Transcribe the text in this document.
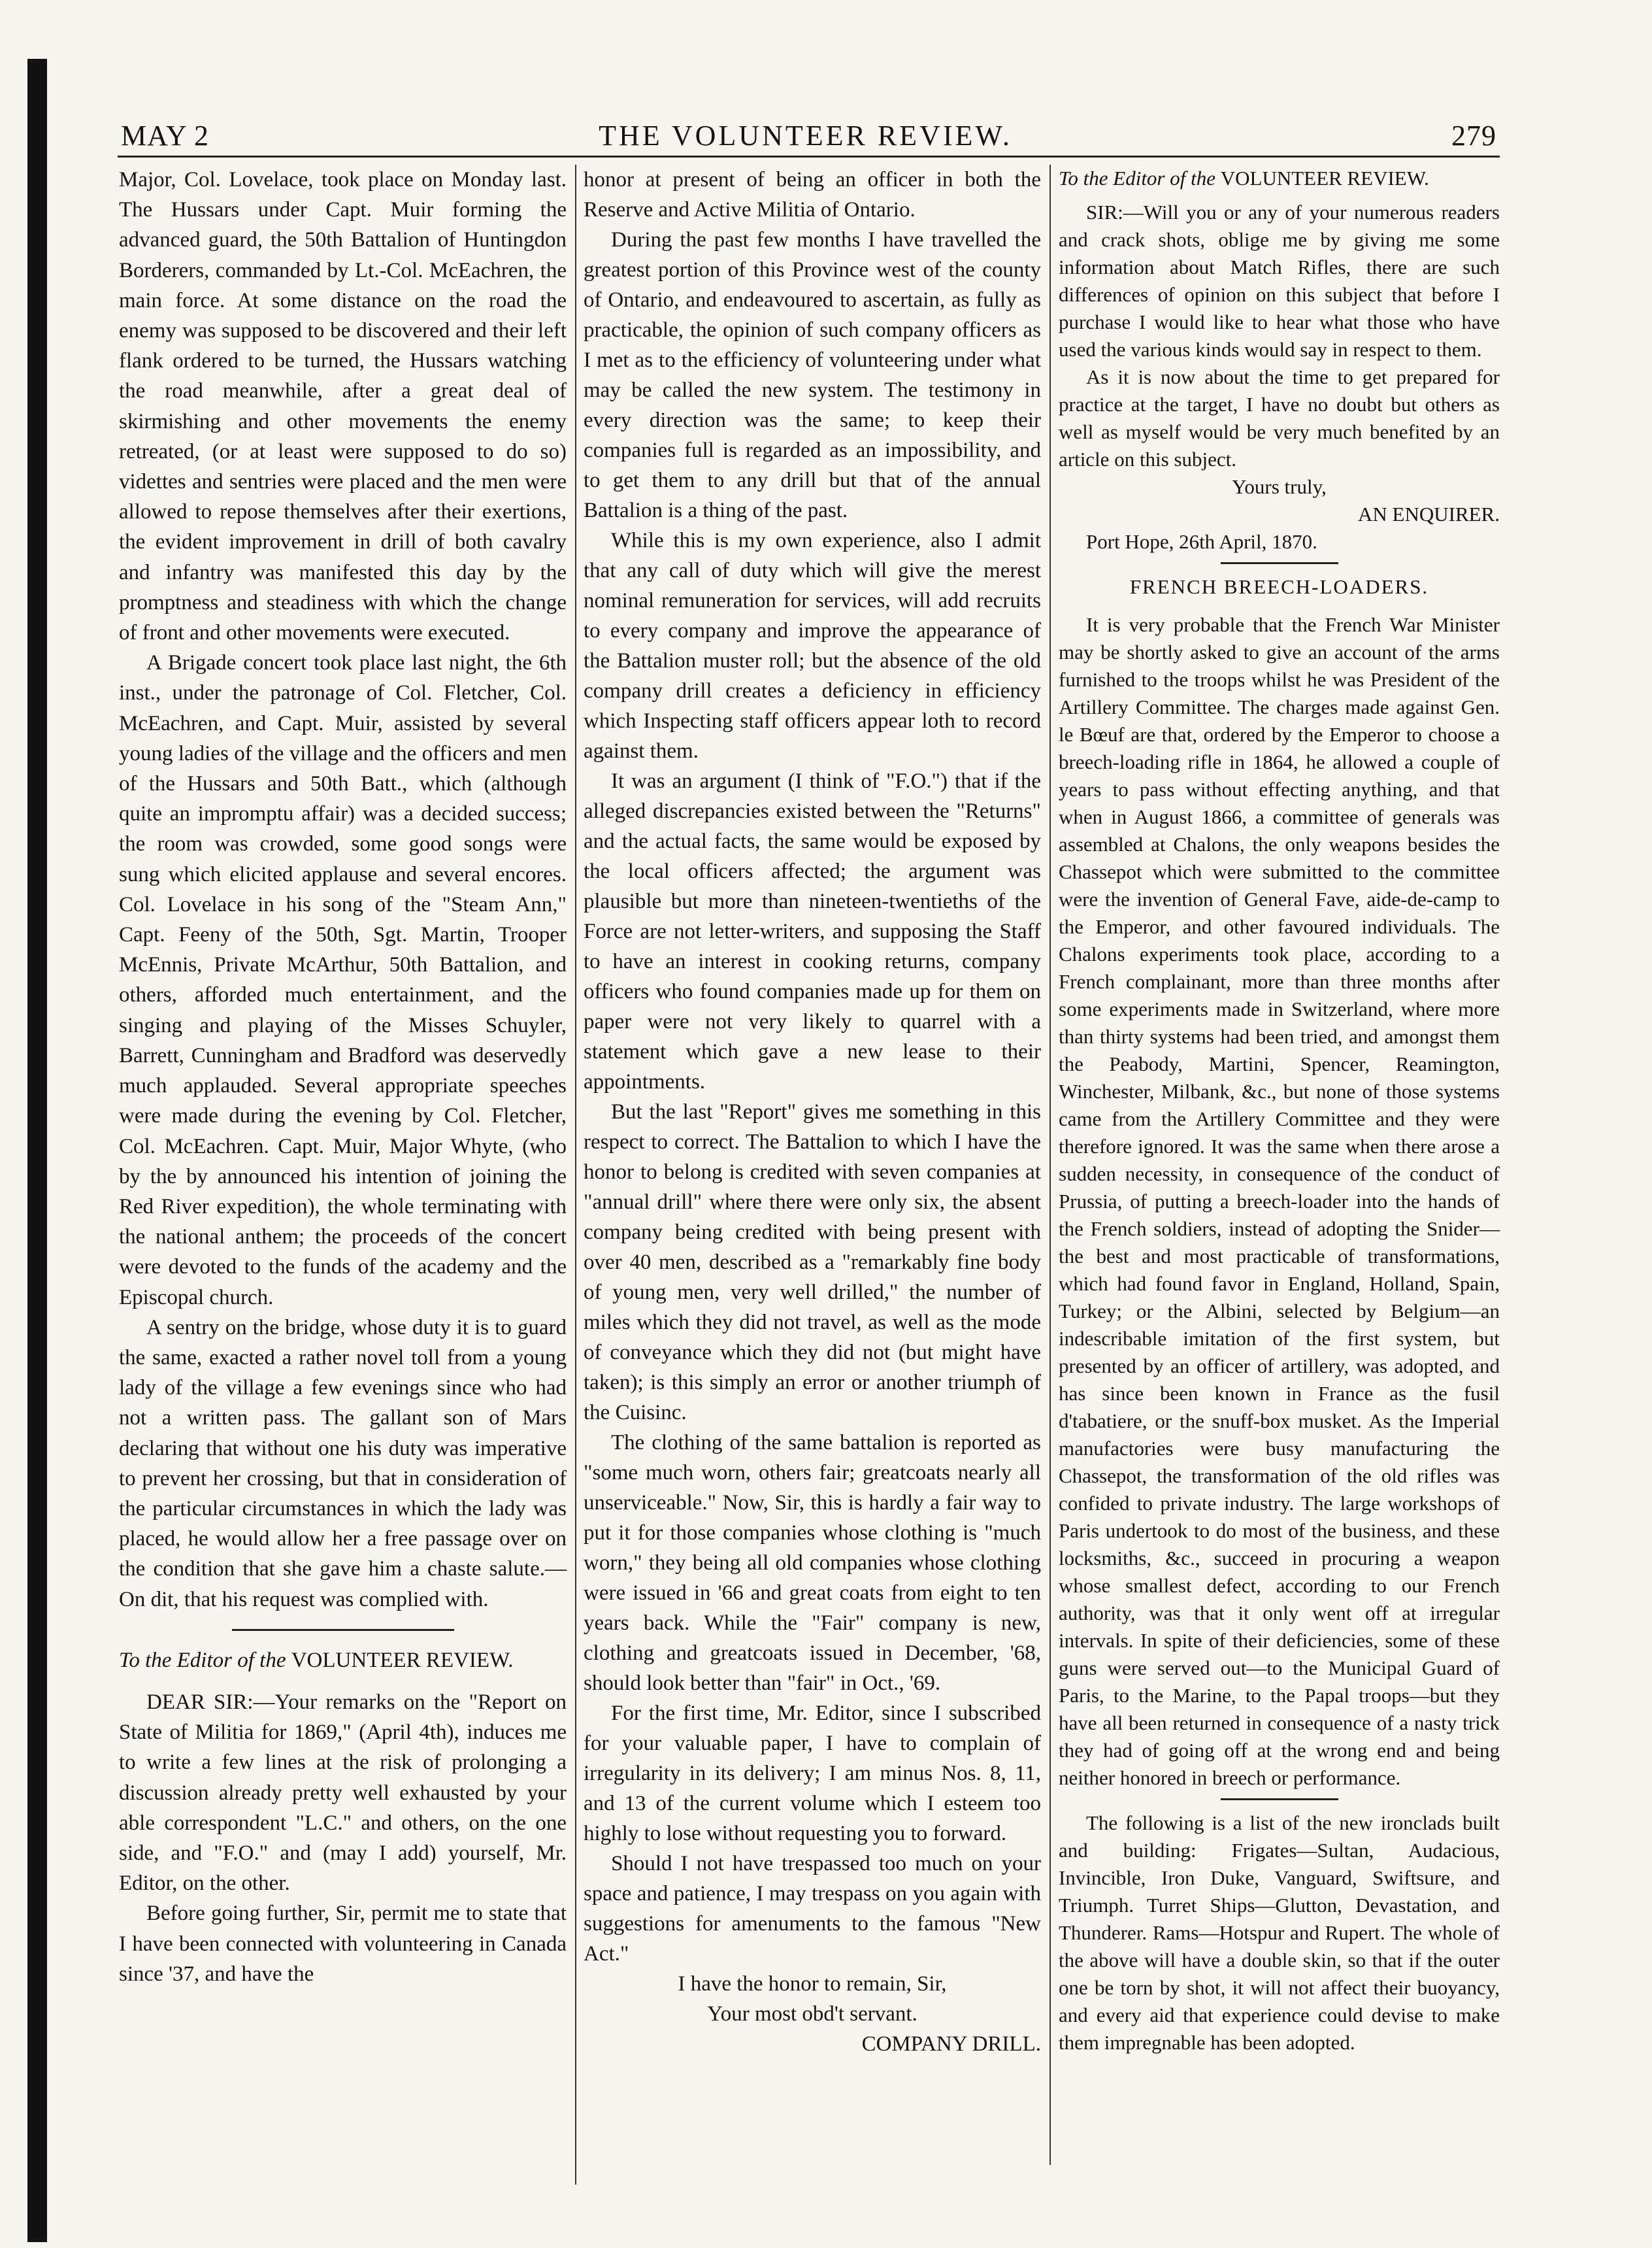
MAY 2	THE VOLUNTEER REVIEW.	279

Major, Col. Lovelace, took place on Monday last. The Hussars under Capt. Muir forming the advanced guard, the 50th Battalion of Huntingdon Borderers, commanded by Lt.-Col. McEachren, the main force. At some distance on the road the enemy was supposed to be discovered and their left flank ordered to be turned, the Hussars watching the road meanwhile, after a great deal of skirmishing and other movements the enemy retreated, (or at least were supposed to do so) videttes and sentries were placed and the men were allowed to repose themselves after their exertions, the evident improvement in drill of both cavalry and infantry was manifested this day by the promptness and steadiness with which the change of front and other movements were executed.

A Brigade concert took place last night, the 6th inst., under the patronage of Col. Fletcher, Col. McEachren, and Capt. Muir, assisted by several young ladies of the village and the officers and men of the Hussars and 50th Batt., which (although quite an impromptu affair) was a decided success; the room was crowded, some good songs were sung which elicited applause and several encores. Col. Lovelace in his song of the "Steam Ann," Capt. Feeny of the 50th, Sgt. Martin, Trooper McEnnis, Private McArthur, 50th Battalion, and others, afforded much entertainment, and the singing and playing of the Misses Schuyler, Barrett, Cunningham and Bradford was deservedly much applauded. Several appropriate speeches were made during the evening by Col. Fletcher, Col. McEachren. Capt. Muir, Major Whyte, (who by the by announced his intention of joining the Red River expedition), the whole terminating with the national anthem; the proceeds of the concert were devoted to the funds of the academy and the Episcopal church.

A sentry on the bridge, whose duty it is to guard the same, exacted a rather novel toll from a young lady of the village a few evenings since who had not a written pass. The gallant son of Mars declaring that without one his duty was imperative to prevent her crossing, but that in consideration of the particular circumstances in which the lady was placed, he would allow her a free passage over on the condition that she gave him a chaste salute.—On dit, that his request was complied with.

To the Editor of the VOLUNTEER REVIEW.

DEAR SIR:—Your remarks on the "Report on State of Militia for 1869," (April 4th), induces me to write a few lines at the risk of prolonging a discussion already pretty well exhausted by your able correspondent "L.C." and others, on the one side, and "F.O." and (may I add) yourself, Mr. Editor, on the other.

Before going further, Sir, permit me to state that I have been connected with volunteering in Canada since '37, and have the

honor at present of being an officer in both the Reserve and Active Militia of Ontario.

During the past few months I have travelled the greatest portion of this Province west of the county of Ontario, and endeavoured to ascertain, as fully as practicable, the opinion of such company officers as I met as to the efficiency of volunteering under what may be called the new system. The testimony in every direction was the same; to keep their companies full is regarded as an impossibility, and to get them to any drill but that of the annual Battalion is a thing of the past.

While this is my own experience, also I admit that any call of duty which will give the merest nominal remuneration for services, will add recruits to every company and improve the appearance of the Battalion muster roll; but the absence of the old company drill creates a deficiency in efficiency which Inspecting staff officers appear loth to record against them.

It was an argument (I think of "F.O.") that if the alleged discrepancies existed between the "Returns" and the actual facts, the same would be exposed by the local officers affected; the argument was plausible but more than nineteen-twentieths of the Force are not letter-writers, and supposing the Staff to have an interest in cooking returns, company officers who found companies made up for them on paper were not very likely to quarrel with a statement which gave a new lease to their appointments.

But the last "Report" gives me something in this respect to correct. The Battalion to which I have the honor to belong is credited with seven companies at "annual drill" where there were only six, the absent company being credited with being present with over 40 men, described as a "remarkably fine body of young men, very well drilled," the number of miles which they did not travel, as well as the mode of conveyance which they did not (but might have taken); is this simply an error or another triumph of the Cuisinc.

The clothing of the same battalion is reported as "some much worn, others fair; greatcoats nearly all unserviceable." Now, Sir, this is hardly a fair way to put it for those companies whose clothing is "much worn," they being all old companies whose clothing were issued in '66 and great coats from eight to ten years back. While the "Fair" company is new, clothing and greatcoats issued in December, '68, should look better than "fair" in Oct., '69.

For the first time, Mr. Editor, since I subscribed for your valuable paper, I have to complain of irregularity in its delivery; I am minus Nos. 8, 11, and 13 of the current volume which I esteem too highly to lose without requesting you to forward.

Should I not have trespassed too much on your space and patience, I may trespass on you again with suggestions for amenuments to the famous "New Act."

I have the honor to remain, Sir,

Your most obd't servant.

COMPANY DRILL.

To the Editor of the VOLUNTEER REVIEW.

SIR:—Will you or any of your numerous readers and crack shots, oblige me by giving me some information about Match Rifles, there are such differences of opinion on this subject that before I purchase I would like to hear what those who have used the various kinds would say in respect to them.

As it is now about the time to get prepared for practice at the target, I have no doubt but others as well as myself would be very much benefited by an article on this subject.

Yours truly,

AN ENQUIRER.

Port Hope, 26th April, 1870.

FRENCH BREECH-LOADERS.

It is very probable that the French War Minister may be shortly asked to give an account of the arms furnished to the troops whilst he was President of the Artillery Committee. The charges made against Gen. le Bœuf are that, ordered by the Emperor to choose a breech-loading rifle in 1864, he allowed a couple of years to pass without effecting anything, and that when in August 1866, a committee of generals was assembled at Chalons, the only weapons besides the Chassepot which were submitted to the committee were the invention of General Fave, aide-de-camp to the Emperor, and other favoured individuals. The Chalons experiments took place, according to a French complainant, more than three months after some experiments made in Switzerland, where more than thirty systems had been tried, and amongst them the Peabody, Martini, Spencer, Reamington, Winchester, Milbank, &c., but none of those systems came from the Artillery Committee and they were therefore ignored. It was the same when there arose a sudden necessity, in consequence of the conduct of Prussia, of putting a breech-loader into the hands of the French soldiers, instead of adopting the Snider—the best and most practicable of transformations, which had found favor in England, Holland, Spain, Turkey; or the Albini, selected by Belgium—an indescribable imitation of the first system, but presented by an officer of artillery, was adopted, and has since been known in France as the fusil d'tabatiere, or the snuff-box musket. As the Imperial manufactories were busy manufacturing the Chassepot, the transformation of the old rifles was confided to private industry. The large workshops of Paris undertook to do most of the business, and these locksmiths, &c., succeed in procuring a weapon whose smallest defect, according to our French authority, was that it only went off at irregular intervals. In spite of their deficiencies, some of these guns were served out—to the Municipal Guard of Paris, to the Marine, to the Papal troops—but they have all been returned in consequence of a nasty trick they had of going off at the wrong end and being neither honored in breech or performance.

The following is a list of the new ironclads built and building: Frigates—Sultan, Audacious, Invincible, Iron Duke, Vanguard, Swiftsure, and Triumph. Turret Ships—Glutton, Devastation, and Thunderer. Rams—Hotspur and Rupert. The whole of the above will have a double skin, so that if the outer one be torn by shot, it will not affect their buoyancy, and every aid that experience could devise to make them impregnable has been adopted.
